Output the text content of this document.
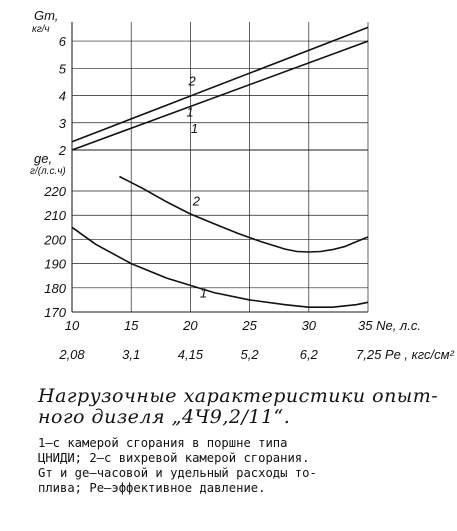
2
3
4
5
6
170
180
190
200
210
220
Gт,
кг/ч
ge,
г/(л.с.ч)
10	15	20	25	30	35 Ne, л.с.
2,08	3,1	4,15	5,2	6,2	7,25 Pe , кгс/см²
1
2
1
2
1
Нагрузочные характеристики опыт-
ного дизеля „4Ч9,2/11“.
1—с камерой сгорания в поршне типа
ЦНИДИ; 2—с вихревой камерой сгорания.
Gт и ge—часовой и удельный расходы то-
плива; Pe—эффективное давление.
